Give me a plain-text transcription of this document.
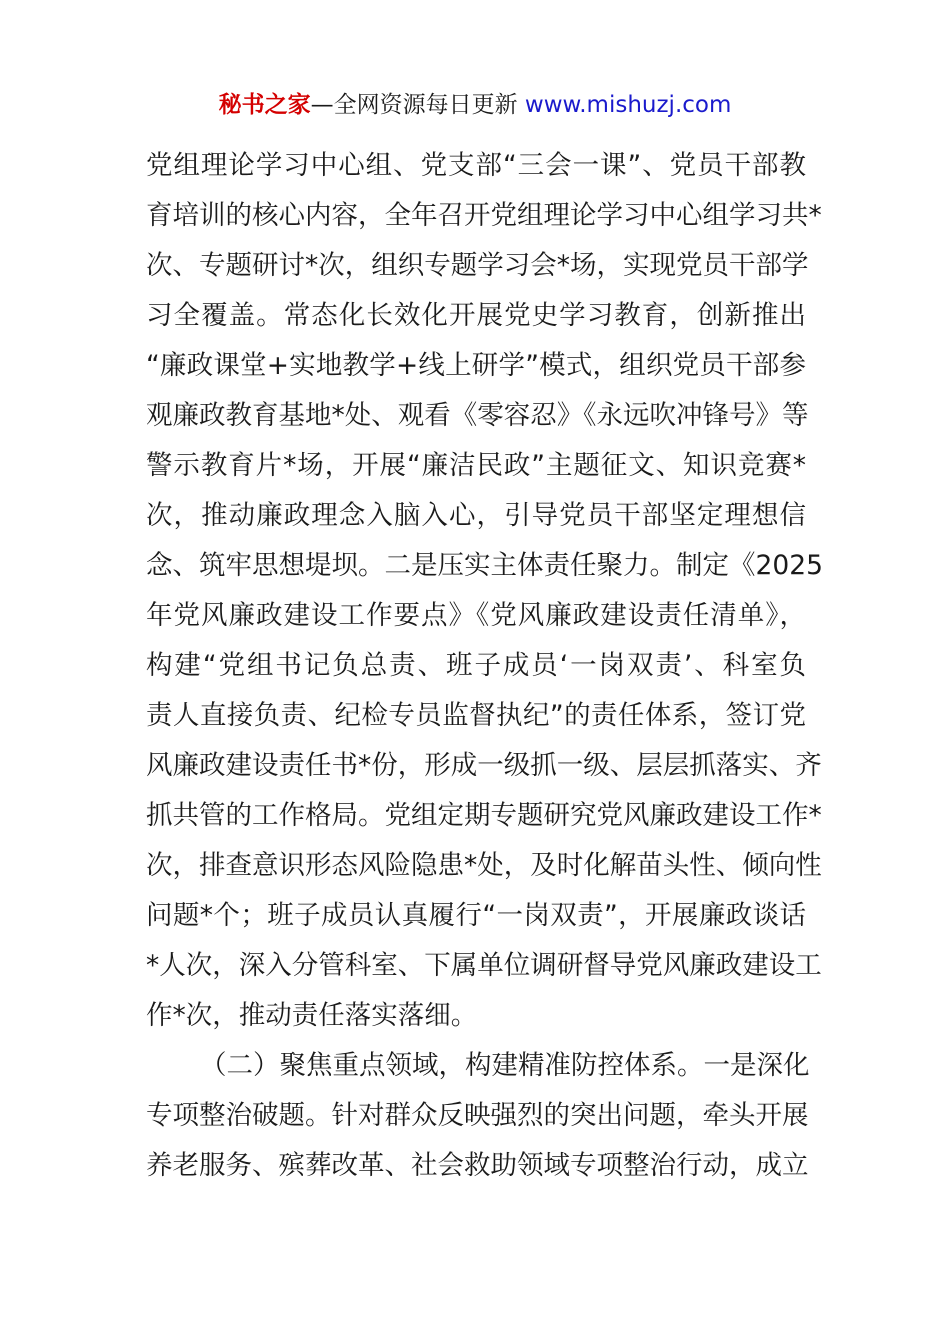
秘书之家—全网资源每日更新 www.mishuzj.com
党组理论学习中心组、党支部“三会一课”、党员干部教
育培训的核心内容，全年召开党组理论学习中心组学习共*
次、专题研讨*次，组织专题学习会*场，实现党员干部学
习全覆盖。常态化长效化开展党史学习教育，创新推出
“廉政课堂+实地教学+线上研学”模式，组织党员干部参
观廉政教育基地*处、观看《零容忍》《永远吹冲锋号》等
警示教育片*场，开展“廉洁民政”主题征文、知识竞赛*
次，推动廉政理念入脑入心，引导党员干部坚定理想信
念、筑牢思想堤坝。二是压实主体责任聚力。制定《2025
年党风廉政建设工作要点》《党风廉政建设责任清单》，
构建“党组书记负总责、班子成员‘一岗双责’、科室负
责人直接负责、纪检专员监督执纪”的责任体系，签订党
风廉政建设责任书*份，形成一级抓一级、层层抓落实、齐
抓共管的工作格局。党组定期专题研究党风廉政建设工作*
次，排查意识形态风险隐患*处，及时化解苗头性、倾向性
问题*个；班子成员认真履行“一岗双责”，开展廉政谈话
*人次，深入分管科室、下属单位调研督导党风廉政建设工
作*次，推动责任落实落细。
（二）聚焦重点领域，构建精准防控体系。一是深化
专项整治破题。针对群众反映强烈的突出问题，牵头开展
养老服务、殡葬改革、社会救助领域专项整治行动，成立
